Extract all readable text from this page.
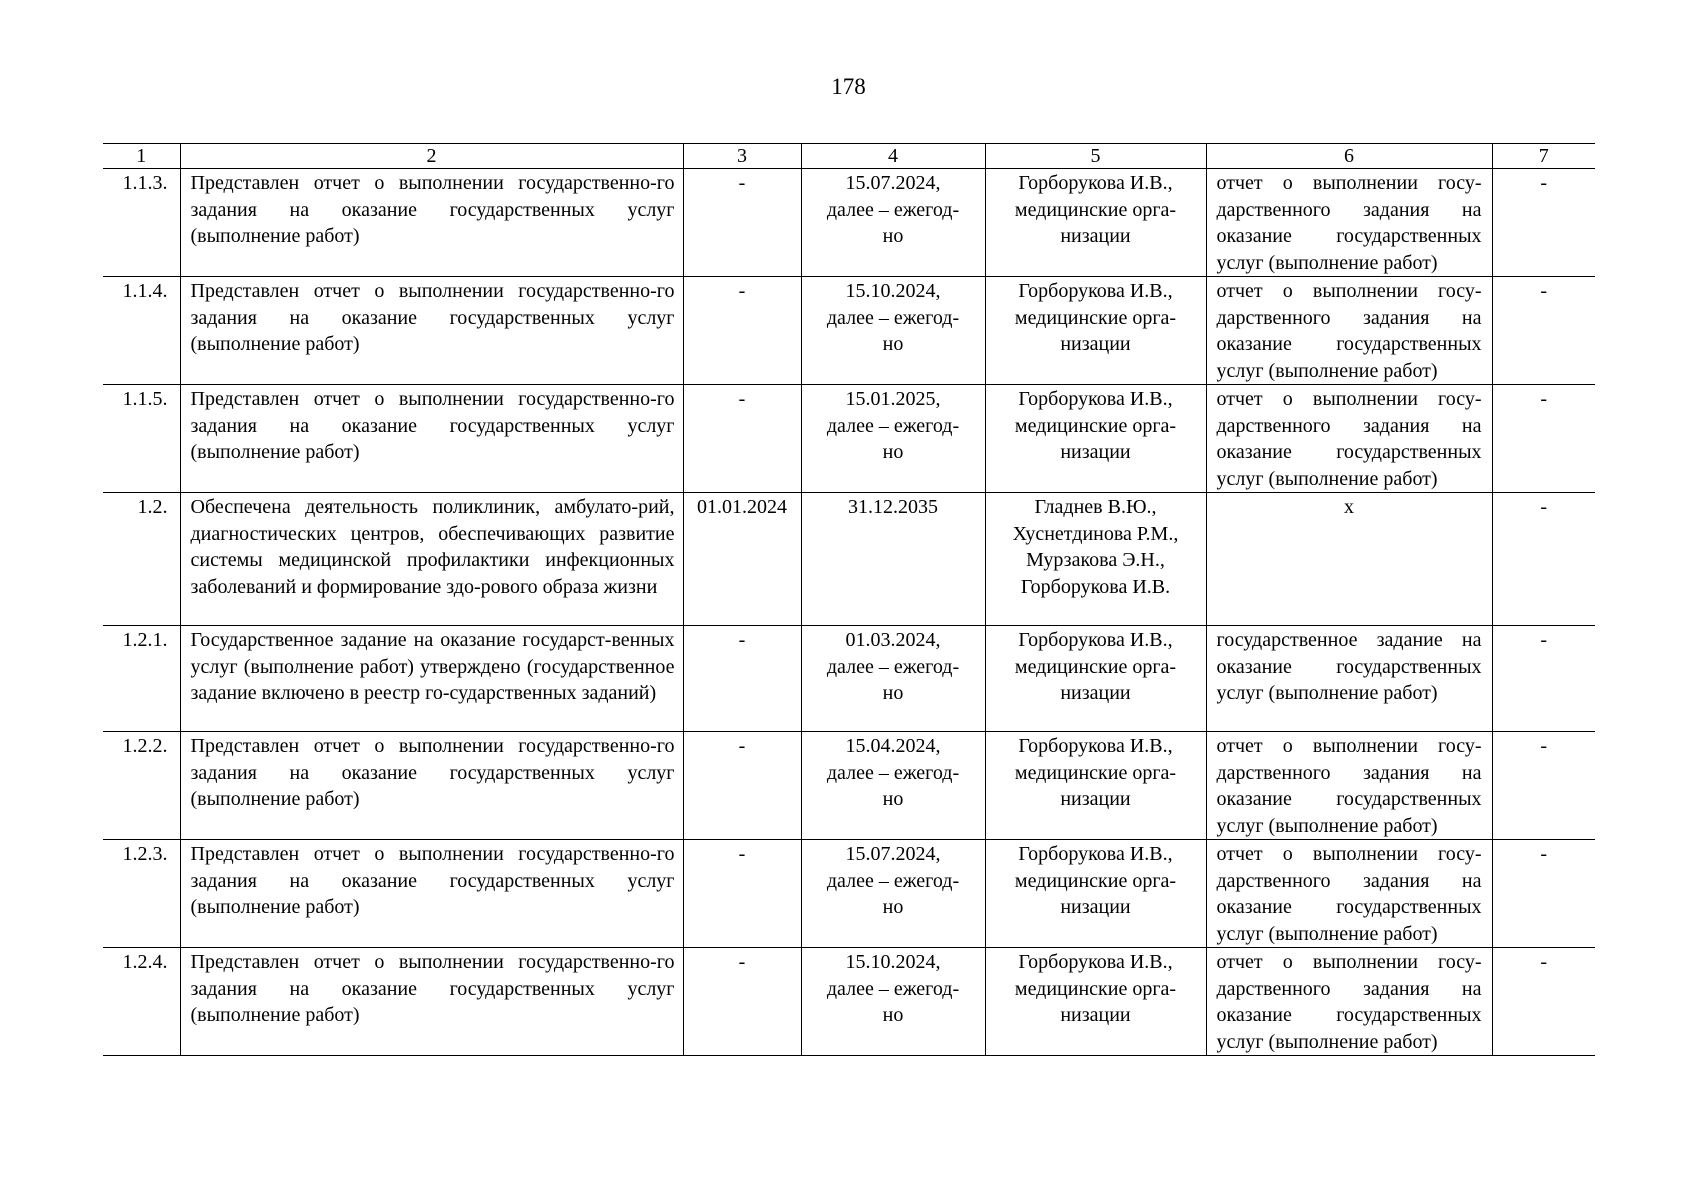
178
1	2	3	4	5	6	7
1.1.3.	Представлен отчет о выполнении государственно-го задания на оказание государственных услуг (выполнение работ)	-	15.07.2024,
далее – ежегод-
но	Горборукова И.В.,
медицинские орга-
низации	отчет о выполнении госу-дарственного задания на оказание государственных услуг (выполнение работ)	-
1.1.4.	Представлен отчет о выполнении государственно-го задания на оказание государственных услуг (выполнение работ)	-	15.10.2024,
далее – ежегод-
но	Горборукова И.В.,
медицинские орга-
низации	отчет о выполнении госу-дарственного задания на оказание государственных услуг (выполнение работ)	-
1.1.5.	Представлен отчет о выполнении государственно-го задания на оказание государственных услуг (выполнение работ)	-	15.01.2025,
далее – ежегод-
но	Горборукова И.В.,
медицинские орга-
низации	отчет о выполнении госу-дарственного задания на оказание государственных услуг (выполнение работ)	-
1.2.	Обеспечена деятельность поликлиник, амбулато-рий, диагностических центров, обеспечивающих развитие системы медицинской профилактики инфекционных заболеваний и формирование здо-рового образа жизни	01.01.2024	31.12.2035	Гладнев В.Ю.,
Хуснетдинова Р.М.,
Мурзакова Э.Н.,
Горборукова И.В.	x	-
1.2.1.	Государственное задание на оказание государст-венных услуг (выполнение работ) утверждено (государственное задание включено в реестр го-сударственных заданий)	-	01.03.2024,
далее – ежегод-
но	Горборукова И.В.,
медицинские орга-
низации	государственное задание на оказание государственных услуг (выполнение работ)	-
1.2.2.	Представлен отчет о выполнении государственно-го задания на оказание государственных услуг (выполнение работ)	-	15.04.2024,
далее – ежегод-
но	Горборукова И.В.,
медицинские орга-
низации	отчет о выполнении госу-дарственного задания на оказание государственных услуг (выполнение работ)	-
1.2.3.	Представлен отчет о выполнении государственно-го задания на оказание государственных услуг (выполнение работ)	-	15.07.2024,
далее – ежегод-
но	Горборукова И.В.,
медицинские орга-
низации	отчет о выполнении госу-дарственного задания на оказание государственных услуг (выполнение работ)	-
1.2.4.	Представлен отчет о выполнении государственно-го задания на оказание государственных услуг (выполнение работ)	-	15.10.2024,
далее – ежегод-
но	Горборукова И.В.,
медицинские орга-
низации	отчет о выполнении госу-дарственного задания на оказание государственных услуг (выполнение работ)	-
